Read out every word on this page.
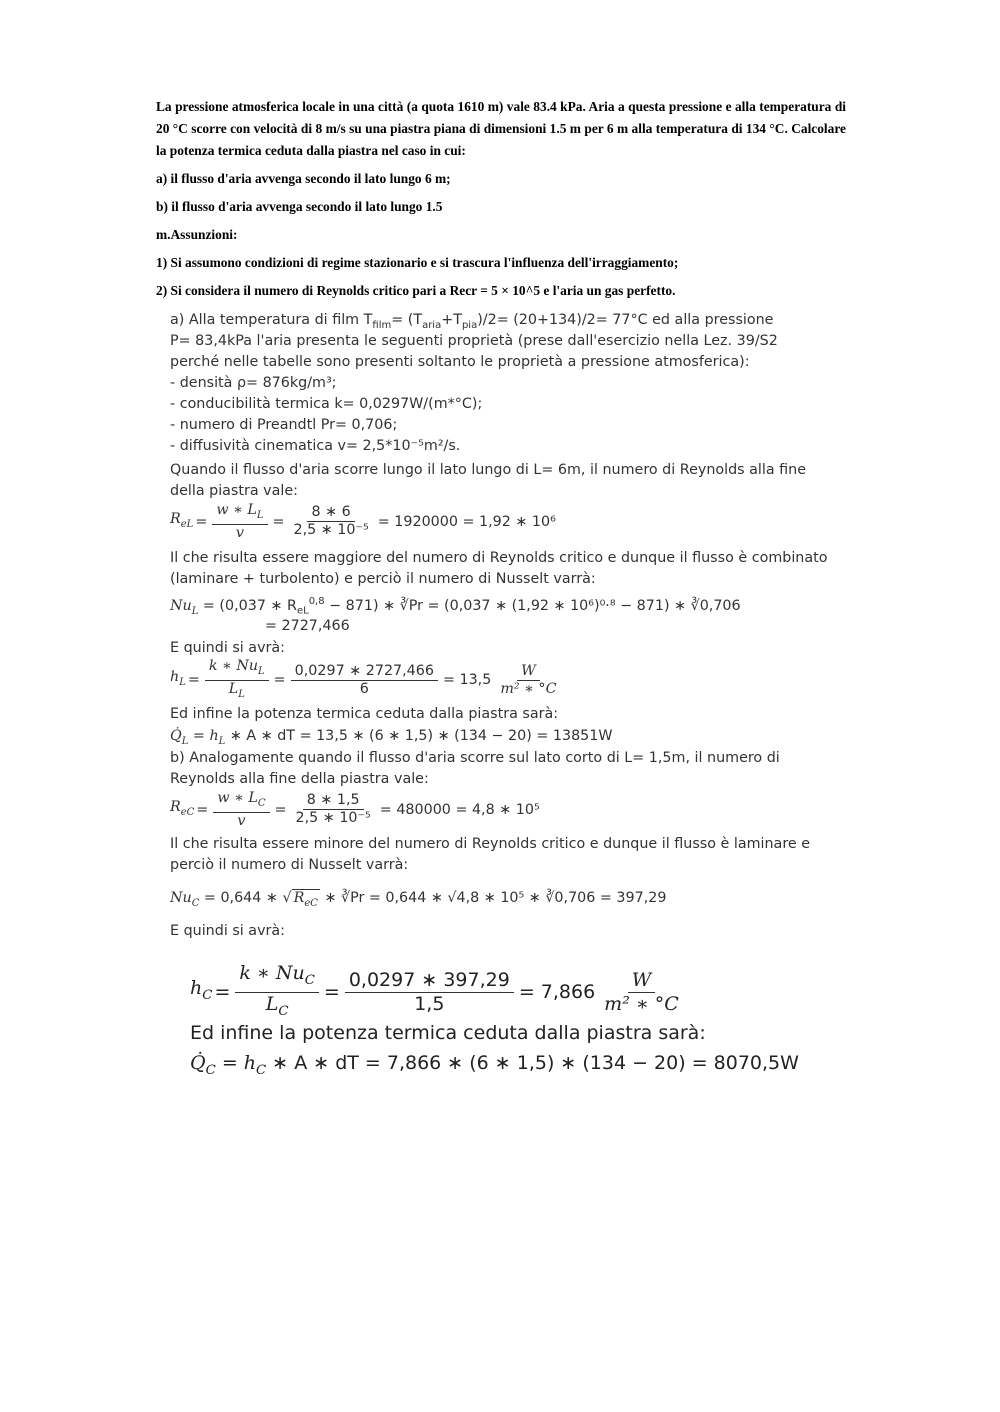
La pressione atmosferica locale in una città (a quota 1610 m) vale 83.4 kPa. Aria a questa pressione e alla temperatura di 20 °C scorre con velocità di 8 m/s su una piastra piana di dimensioni 1.5 m per 6 m alla temperatura di 134 °C. Calcolare la potenza termica ceduta dalla piastra nel caso in cui:

a) il flusso d'aria avvenga secondo il lato lungo 6 m;

b) il flusso d'aria avvenga secondo il lato lungo 1.5

m.Assunzioni:

1) Si assumono condizioni di regime stazionario e si trascura l'influenza dell'irraggiamento;

2) Si considera il numero di Reynolds critico pari a Recr = 5 × 10^5 e l'aria un gas perfetto.

a) Alla temperatura di film $T_{film}= (T_{aria}+T_{pia})/2= (20+134)/2= 77^\circ C$ ed alla pressione
P= 83,4kPa l'aria presenta le seguenti proprietà (prese dall'esercizio nella Lez. 39/S2
perché nelle tabelle sono presenti soltanto le proprietà a pressione atmosferica):
- densità ρ= 876kg/m³;
- conducibilità termica k= 0,0297W/(m*°C);
- numero di Preandtl Pr= 0,706;
- diffusività cinematica v= 2,5*10⁻⁵m²/s.
Quando il flusso d'aria scorre lungo il lato lungo di L= 6m, il numero di Reynolds alla fine
della piastra vale:
$R_{eL} = \frac{w ∗ L_L}{v} = \frac{8 ∗ 6}{\text{2,5 ∗ 10⁻⁵}} = 1920000 = 1,92$ ∗ 10⁶
Il che risulta essere maggiore del numero di Reynolds critico e dunque il flusso è combinato
(laminare + turbolento) e perciò il numero di Nusselt varrà:
$Nu_L = (0,037$ ∗ $R_{eL}^{0,8} - 871$) ∗ ∛Pr = (0,037 ∗ (1,92 ∗ 10⁶)⁰·⁸ − 871) ∗ ∛0,706
= 2727,466
E quindi si avrà:
$h_L = \frac{k ∗ Nu_L}{L_L} = \frac{0,0297 ∗ 2727,466}{6} = 13,5 \frac{W}{\text{m² ∗ °C}}$
Ed infine la potenza termica ceduta dalla piastra sarà:
$Q̇_L = h_L$ ∗ A ∗ dT = 13,5 ∗ (6 ∗ 1,5) ∗ (134 − 20) = 13851W
b) Analogamente quando il flusso d'aria scorre sul lato corto di L= 1,5m, il numero di
Reynolds alla fine della piastra vale:
$R_{eC} = \frac{w ∗ L_C}{v} = \frac{8 ∗ 1,5}{\text{2,5 ∗ 10⁻⁵}} = 480000 = 4,8$ ∗ 10⁵
Il che risulta essere minore del numero di Reynolds critico e dunque il flusso è laminare e
perciò il numero di Nusselt varrà:
$Nu_C = 0,644$ ∗ √ $R_{eC}$ ∗ ∛Pr = 0,644 ∗ √4,8 ∗ 10⁵ ∗ ∛0,706 = 397,29
E quindi si avrà:
$h_C = \frac{k ∗ Nu_C}{L_C} = \frac{0,0297 ∗ 397,29}{1,5} = 7,866 \frac{W}{\text{m² ∗ °C}}$
Ed infine la potenza termica ceduta dalla piastra sarà:
$Q̇_C = h_C$ ∗ A ∗ dT = 7,866 ∗ (6 ∗ 1,5) ∗ (134 − 20) = 8070,5W
